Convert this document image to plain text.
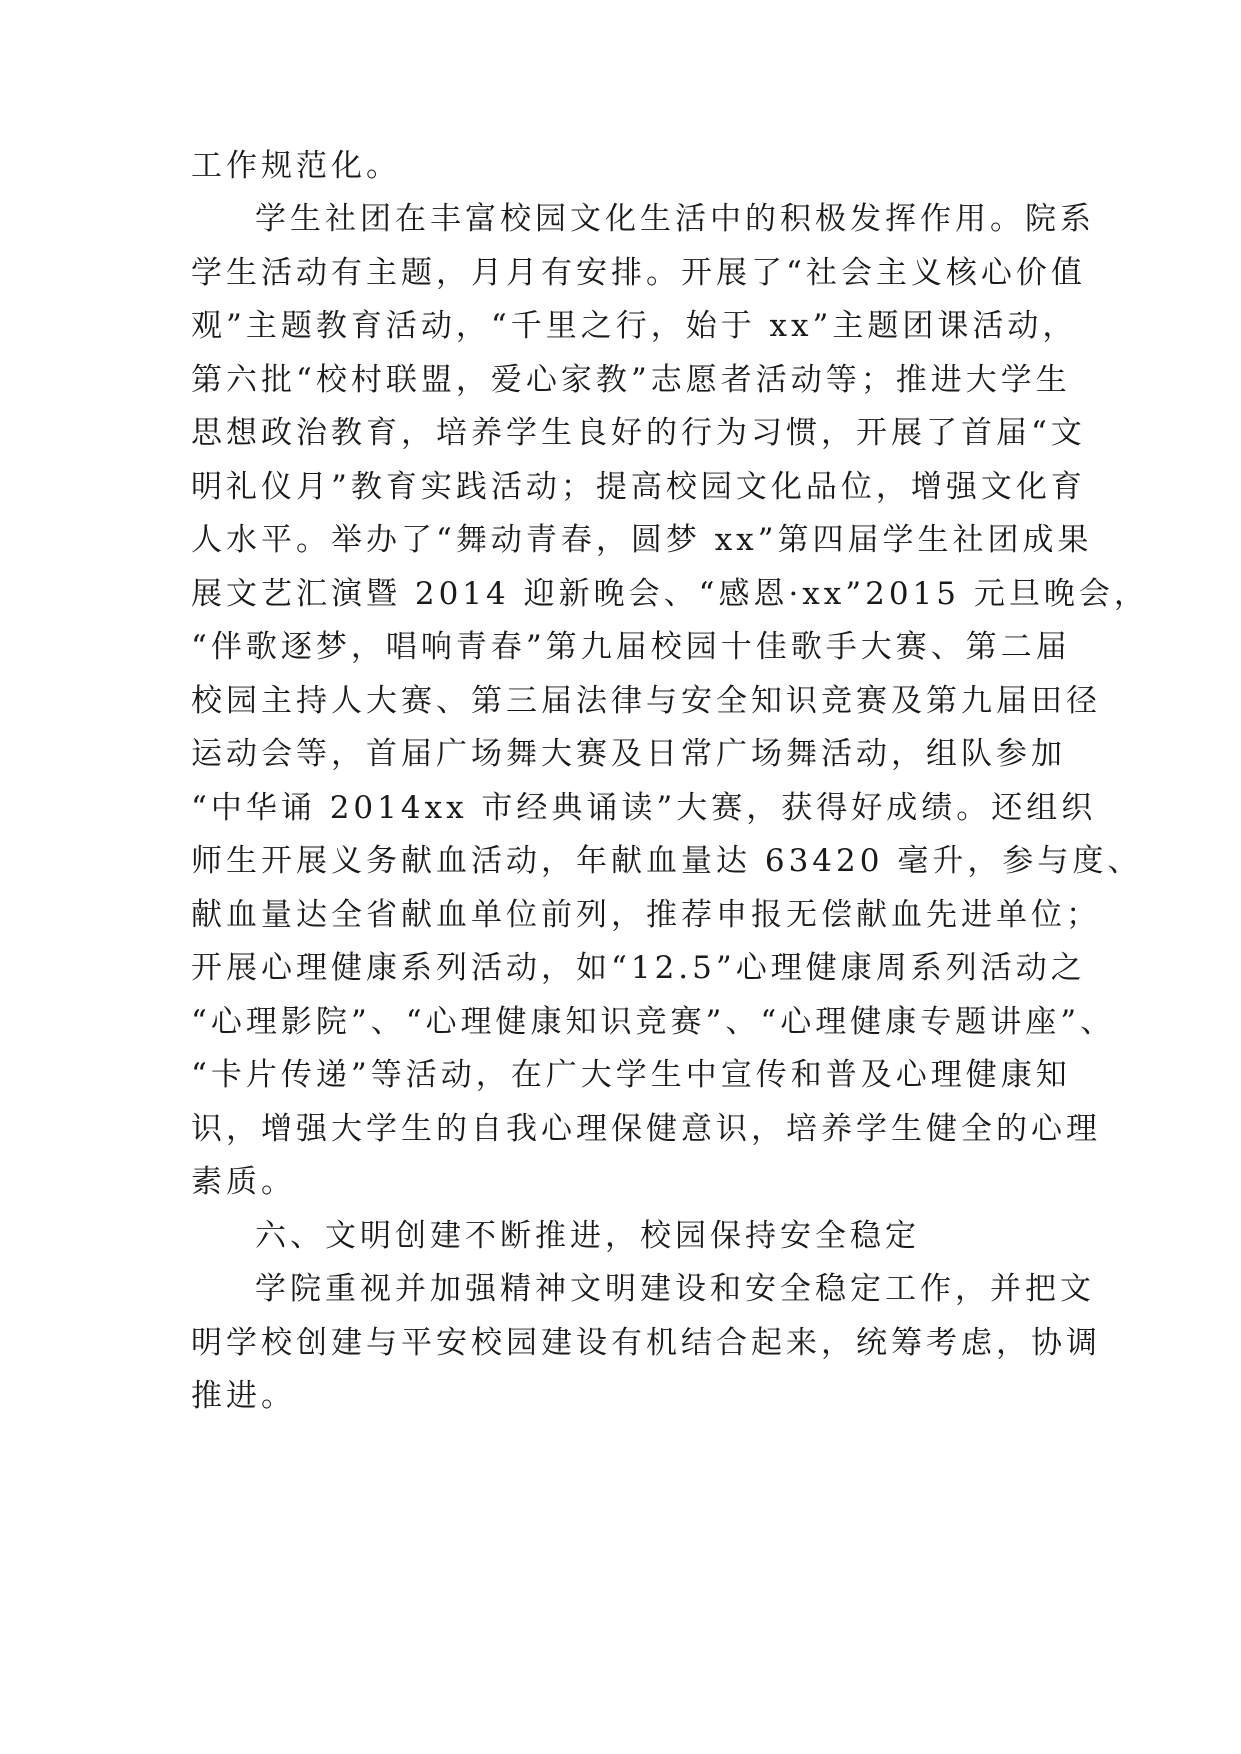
工作规范化。
学生社团在丰富校园文化生活中的积极发挥作用。院系
学生活动有主题，月月有安排。开展了“社会主义核心价值
观”主题教育活动，“千里之行，始于 xx”主题团课活动，
第六批“校村联盟，爱心家教”志愿者活动等；推进大学生
思想政治教育，培养学生良好的行为习惯，开展了首届“文
明礼仪月”教育实践活动；提高校园文化品位，增强文化育
人水平。举办了“舞动青春，圆梦 xx”第四届学生社团成果
展文艺汇演暨 2014 迎新晚会、“感恩·xx”2015 元旦晚会，
“伴歌逐梦，唱响青春”第九届校园十佳歌手大赛、第二届
校园主持人大赛、第三届法律与安全知识竞赛及第九届田径
运动会等，首届广场舞大赛及日常广场舞活动，组队参加
“中华诵 2014xx 市经典诵读”大赛，获得好成绩。还组织
师生开展义务献血活动，年献血量达 63420 毫升，参与度、
献血量达全省献血单位前列，推荐申报无偿献血先进单位；
开展心理健康系列活动，如“12.5”心理健康周系列活动之
“心理影院”、“心理健康知识竞赛”、“心理健康专题讲座”、
“卡片传递”等活动，在广大学生中宣传和普及心理健康知
识，增强大学生的自我心理保健意识，培养学生健全的心理
素质。
六、文明创建不断推进，校园保持安全稳定
学院重视并加强精神文明建设和安全稳定工作，并把文
明学校创建与平安校园建设有机结合起来，统筹考虑，协调
推进。
